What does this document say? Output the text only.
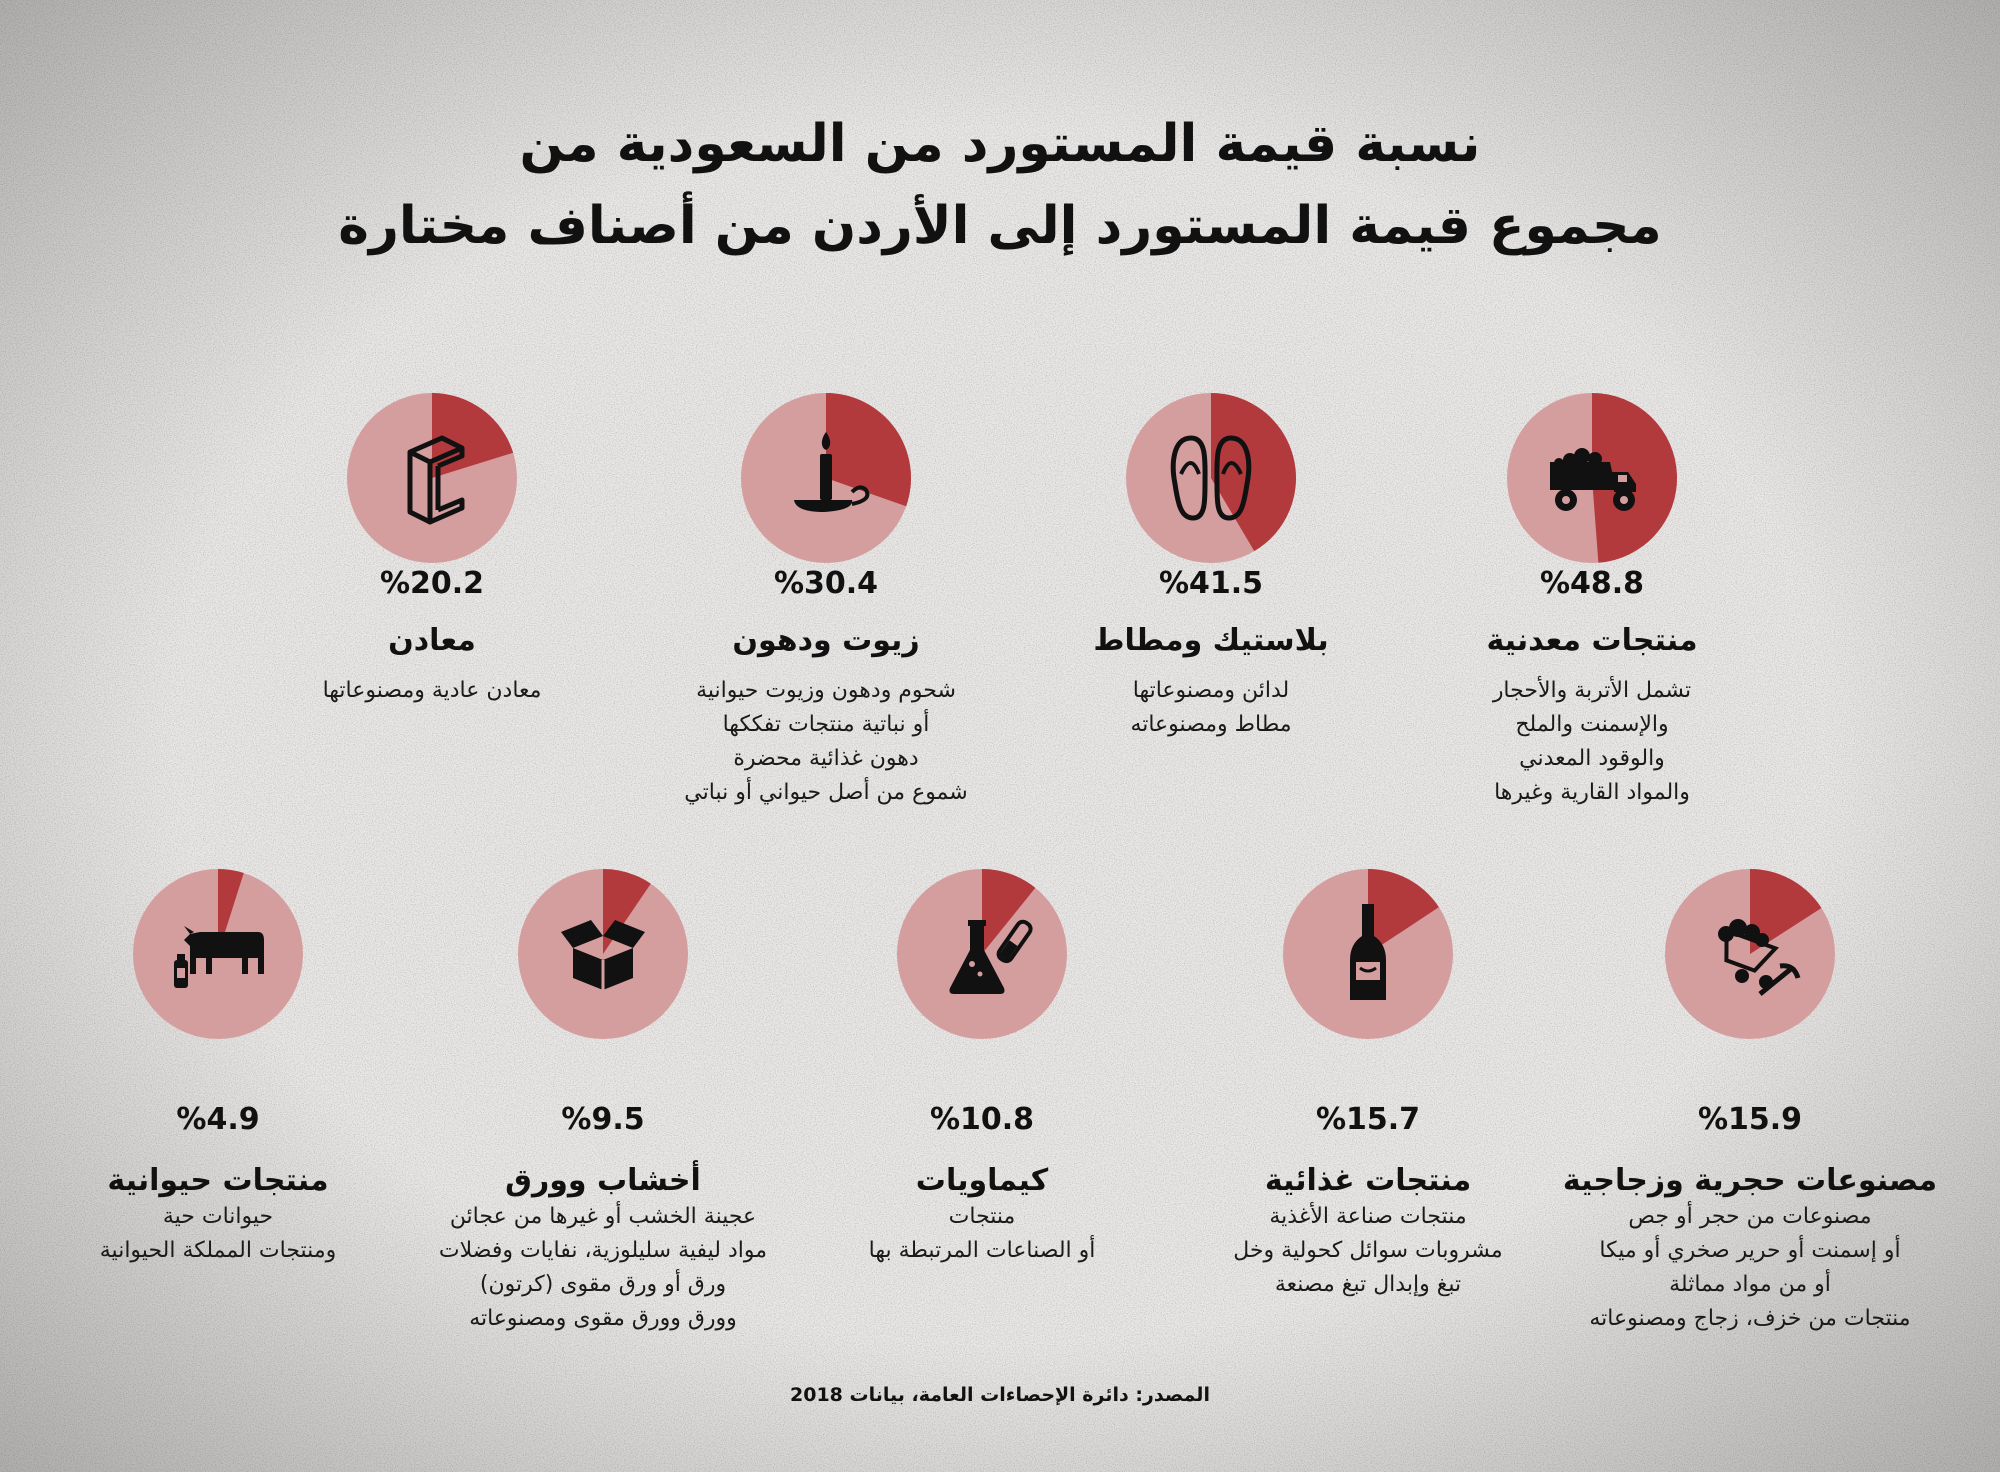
نسبة قيمة المستورد من السعودية من
مجموع قيمة المستورد إلى الأردن من أصناف مختارة
%48.8
منتجات معدنية
تشمل الأتربة والأحجار
والإسمنت والملح
والوقود المعدني
والمواد القارية وغيرها
%41.5
بلاستيك ومطاط
لدائن ومصنوعاتها
مطاط ومصنوعاته
%30.4
زيوت ودهون
شحوم ودهون وزيوت حيوانية
أو نباتية منتجات تفككها
دهون غذائية محضرة
شموع من أصل حيواني أو نباتي
%20.2
معادن
معادن عادية ومصنوعاتها
%15.9
مصنوعات حجرية وزجاجية
مصنوعات من حجر أو جص
أو إسمنت أو حرير صخري أو ميكا
أو من مواد مماثلة
منتجات من خزف، زجاج ومصنوعاته
%15.7
منتجات غذائية
منتجات صناعة الأغذية
مشروبات سوائل كحولية وخل
تبغ وإبدال تبغ مصنعة
%10.8
كيماويات
منتجات
أو الصناعات المرتبطة بها
%9.5
أخشاب وورق
عجينة الخشب أو غيرها من عجائن
مواد ليفية سليلوزية، نفايات وفضلات
ورق أو ورق مقوى (كرتون)
وورق وورق مقوى ومصنوعاته
%4.9
منتجات حيوانية
حيوانات حية
ومنتجات المملكة الحيوانية
المصدر: دائرة الإحصاءات العامة، بيانات 2018
